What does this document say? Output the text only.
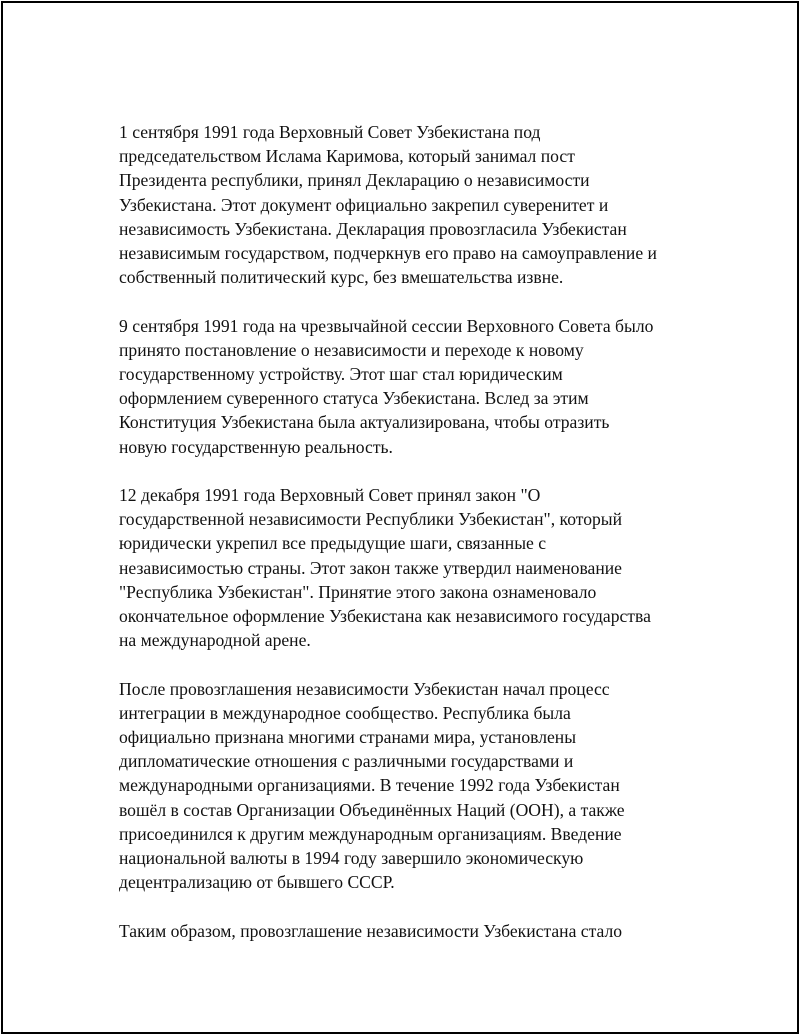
1 сентября 1991 года Верховный Совет Узбекистана под
председательством Ислама Каримова, который занимал пост
Президента республики, принял Декларацию о независимости
Узбекистана. Этот документ официально закрепил суверенитет и
независимость Узбекистана. Декларация провозгласила Узбекистан
независимым государством, подчеркнув его право на самоуправление и
собственный политический курс, без вмешательства извне.

9 сентября 1991 года на чрезвычайной сессии Верховного Совета было
принято постановление о независимости и переходе к новому
государственному устройству. Этот шаг стал юридическим
оформлением суверенного статуса Узбекистана. Вслед за этим
Конституция Узбекистана была актуализирована, чтобы отразить
новую государственную реальность.

12 декабря 1991 года Верховный Совет принял закон "О
государственной независимости Республики Узбекистан", который
юридически укрепил все предыдущие шаги, связанные с
независимостью страны. Этот закон также утвердил наименование
"Республика Узбекистан". Принятие этого закона ознаменовало
окончательное оформление Узбекистана как независимого государства
на международной арене.

После провозглашения независимости Узбекистан начал процесс
интеграции в международное сообщество. Республика была
официально признана многими странами мира, установлены
дипломатические отношения с различными государствами и
международными организациями. В течение 1992 года Узбекистан
вошёл в состав Организации Объединённых Наций (ООН), а также
присоединился к другим международным организациям. Введение
национальной валюты в 1994 году завершило экономическую
децентрализацию от бывшего СССР.

Таким образом, провозглашение независимости Узбекистана стало
